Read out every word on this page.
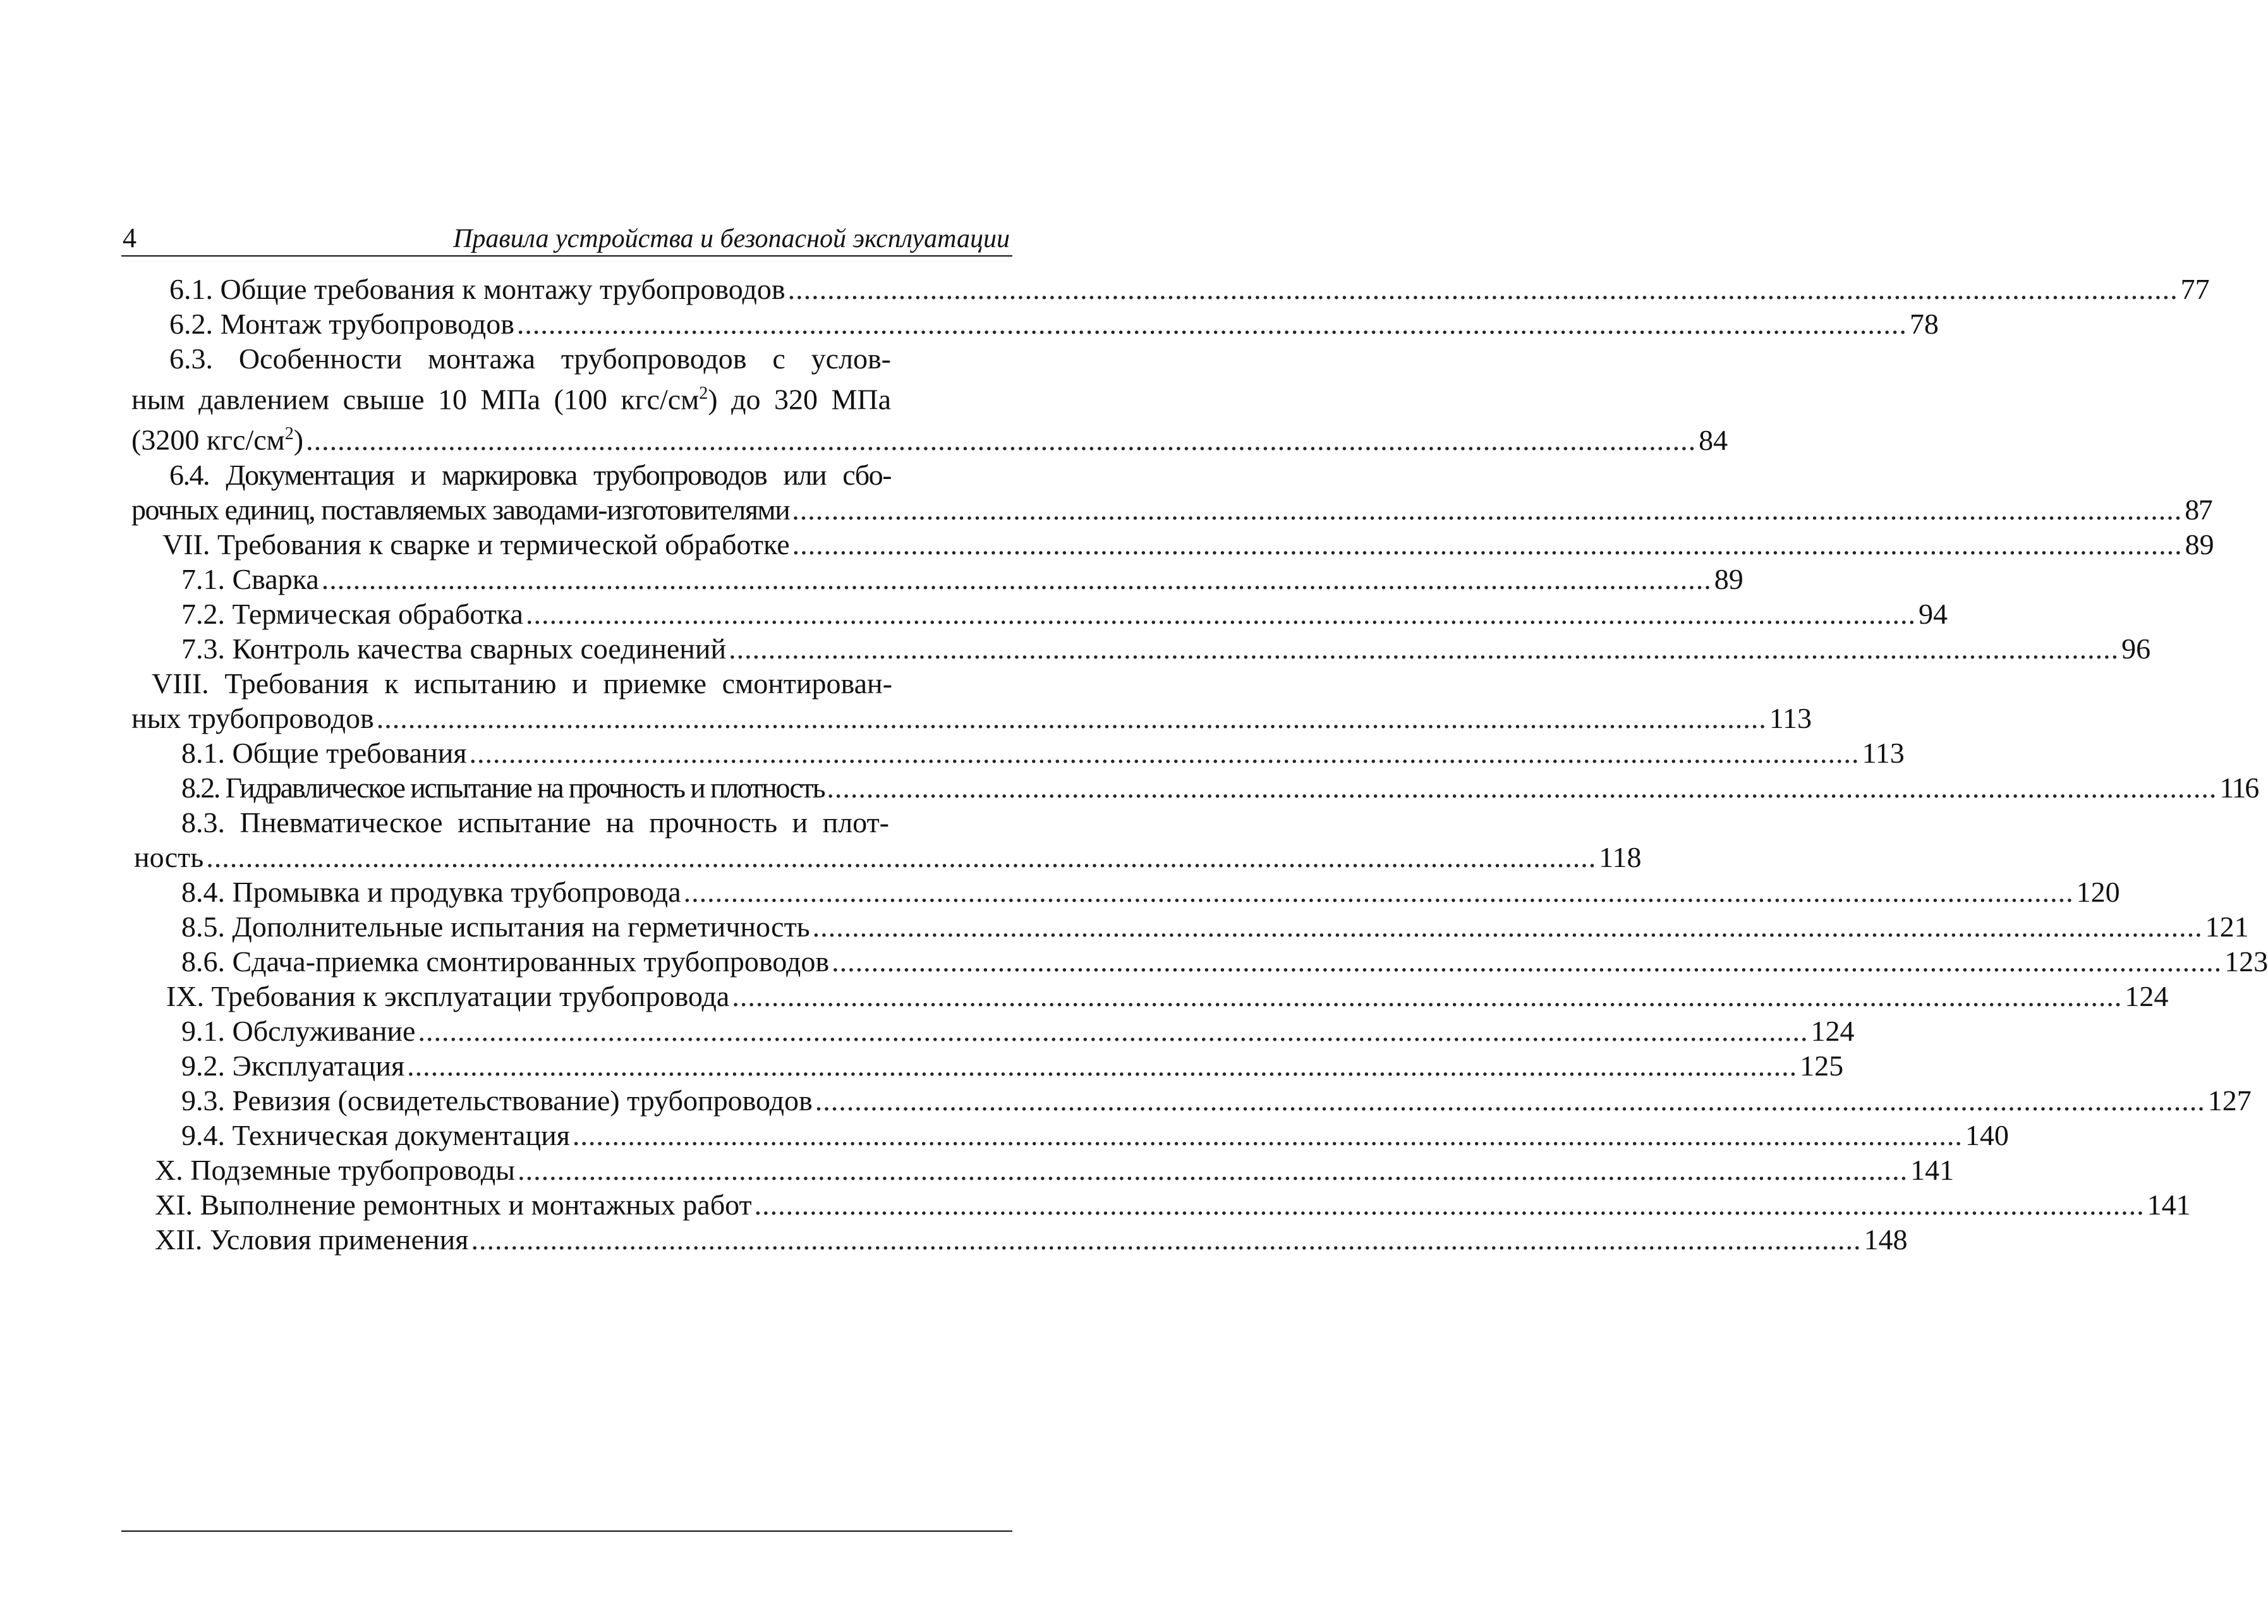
4	Правила устройства и безопасной эксплуатации
6.1. Общие требования к монтажу трубопроводов ................................................................................................................................................................................ 77
6.2. Монтаж трубопроводов ................................................................................................................................................................................ 78
6.3. Особенности монтажа трубопроводов с услов-
ным давлением свыше 10 МПа (100 кгс/$см^2$) до 320 МПа
(3200 кгс/$см^2$) ................................................................................................................................................................................ 84
6.4. Документация и маркировка трубопроводов или сбо-
рочных единиц, поставляемых заводами-изготовителями ................................................................................................................................................................................ 87
VII. Требования к сварке и термической обработке ................................................................................................................................................................................ 89
7.1. Сварка ................................................................................................................................................................................ 89
7.2. Термическая обработка ................................................................................................................................................................................ 94
7.3. Контроль качества сварных соединений ................................................................................................................................................................................ 96
VIII. Требования к испытанию и приемке смонтирован-
ных трубопроводов ................................................................................................................................................................................ 113
8.1. Общие требования ................................................................................................................................................................................ 113
8.2. Гидравлическое испытание на прочность и плотность ................................................................................................................................................................................ 116
8.3. Пневматическое испытание на прочность и плот-
ность ................................................................................................................................................................................ 118
8.4. Промывка и продувка трубопровода ................................................................................................................................................................................ 120
8.5. Дополнительные испытания на герметичность ................................................................................................................................................................................ 121
8.6. Сдача-приемка смонтированных трубопроводов ................................................................................................................................................................................ 123
IX. Требования к эксплуатации трубопровода ................................................................................................................................................................................ 124
9.1. Обслуживание ................................................................................................................................................................................ 124
9.2. Эксплуатация ................................................................................................................................................................................ 125
9.3. Ревизия (освидетельствование) трубопроводов ................................................................................................................................................................................ 127
9.4. Техническая документация ................................................................................................................................................................................ 140
X. Подземные трубопроводы ................................................................................................................................................................................ 141
XI. Выполнение ремонтных и монтажных работ ................................................................................................................................................................................ 141
XII. Условия применения ................................................................................................................................................................................ 148
